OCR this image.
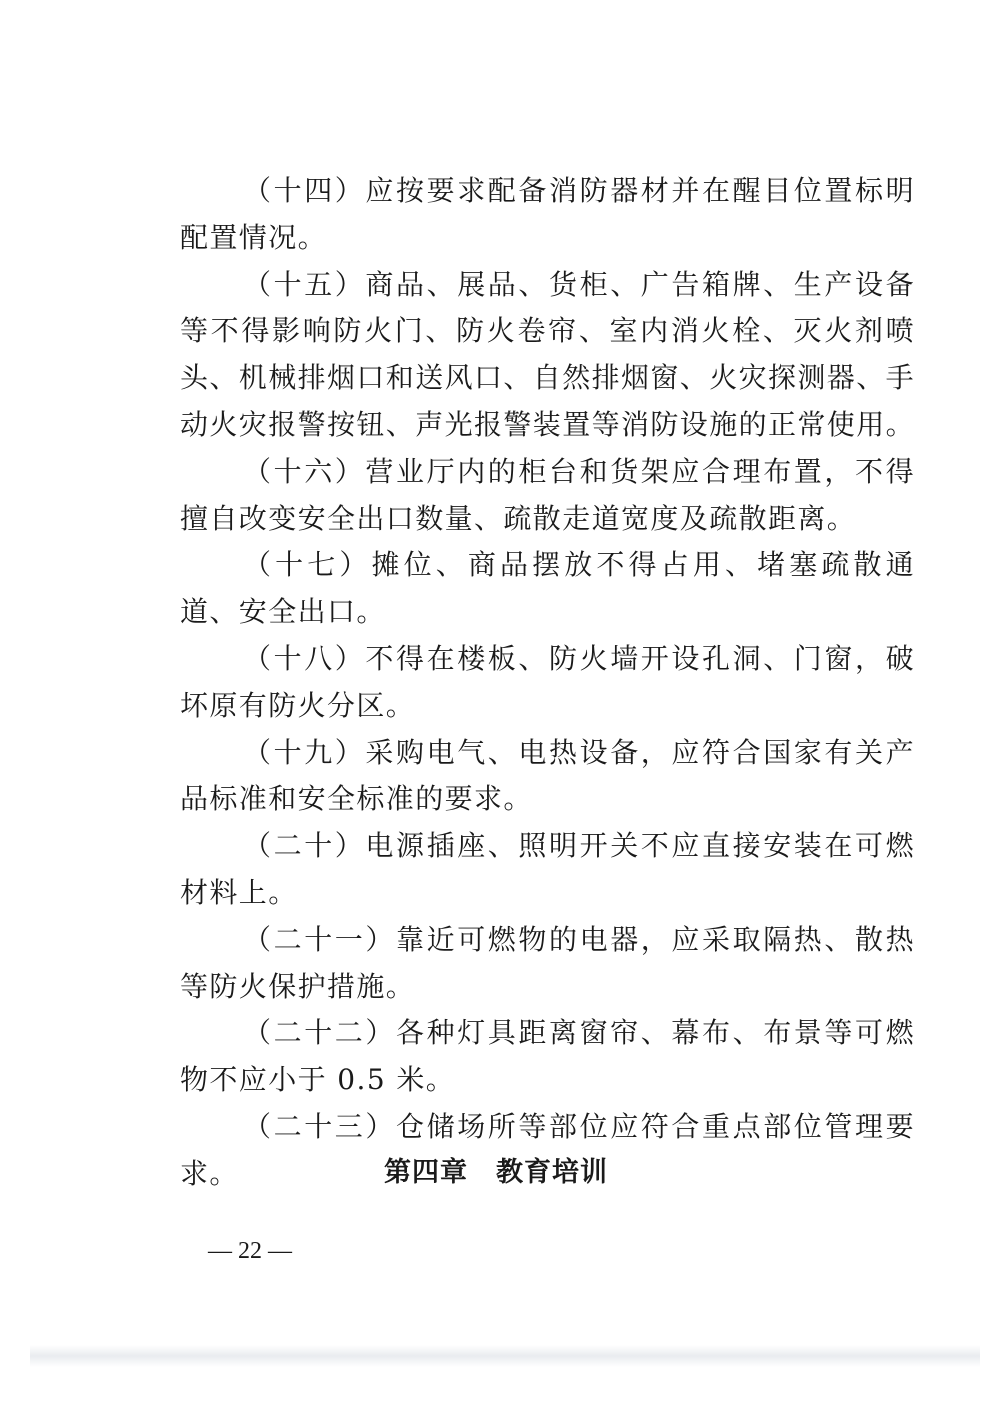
（十四）应按要求配备消防器材并在醒目位置标明配置情况。

（十五）商品、展品、货柜、广告箱牌、生产设备等不得影响防火门、防火卷帘、室内消火栓、灭火剂喷头、机械排烟口和送风口、自然排烟窗、火灾探测器、手动火灾报警按钮、声光报警装置等消防设施的正常使用。

（十六）营业厅内的柜台和货架应合理布置，不得擅自改变安全出口数量、疏散走道宽度及疏散距离。

（十七）摊位、商品摆放不得占用、堵塞疏散通道、安全出口。

（十八）不得在楼板、防火墙开设孔洞、门窗，破坏原有防火分区。

（十九）采购电气、电热设备，应符合国家有关产品标准和安全标准的要求。

（二十）电源插座、照明开关不应直接安装在可燃材料上。

（二十一）靠近可燃物的电器，应采取隔热、散热等防火保护措施。

（二十二）各种灯具距离窗帘、幕布、布景等可燃物不应小于 0.5 米。

（二十三）仓储场所等部位应符合重点部位管理要求。	第四章　教育培训
— 22 —
